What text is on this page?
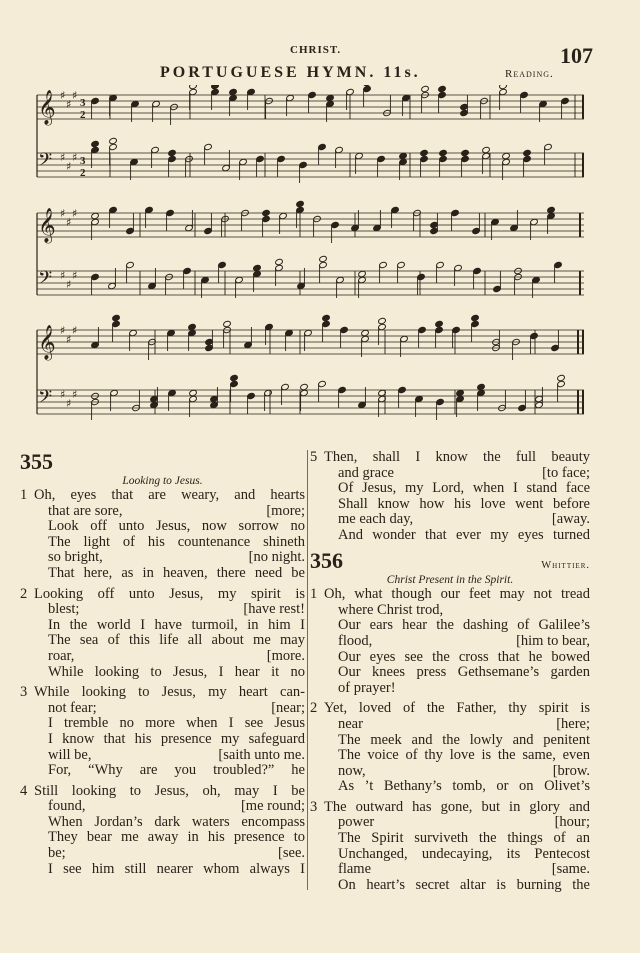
CHRIST.	107
PORTUGUESE HYMN. 11s.	Reading.
𝄞 ♯
♯
♯
3
2
𝄢 ♯
♯
♯ 3
2
𝄞 ♯
♯
♯
𝄢 ♯
♯
♯
𝄞 ♯
♯
♯
𝄢 ♯
♯
♯
355
Looking to Jesus.
1 Oh, eyes that are weary, and hearts
that are sore,	[more;
Look off unto Jesus, now sorrow no
The light of his countenance shineth
so bright,	[no night.
That here, as in heaven, there need be
2 Looking off unto Jesus, my spirit is
blest;	[have rest!
In the world I have turmoil, in him I
The sea of this life all about me may
roar,	[more.
While looking to Jesus, I hear it no
3 While looking to Jesus, my heart can-
not fear;	[near;
I tremble no more when I see Jesus
I know that his presence my safeguard
will be,	[saith unto me.
For, “Why are you troubled?” he
4 Still looking to Jesus, oh, may I be
found,	[me round;
When Jordan’s dark waters encompass
They bear me away in his presence to
be;	[see.
I see him still nearer whom always I
5 Then, shall I know the full beauty
and grace	[to face;
Of Jesus, my Lord, when I stand face
Shall know how his love went before
me each day,	[away.
And wonder that ever my eyes turned
356	Whittier.
Christ Present in the Spirit.
1 Oh, what though our feet may not tread
where Christ trod,
Our ears hear the dashing of Galilee’s
flood,	[him to bear,
Our eyes see the cross that he bowed
Our knees press Gethsemane’s garden
of prayer!
2 Yet, loved of the Father, thy spirit is
near	[here;
The meek and the lowly and penitent
The voice of thy love is the same, even
now,	[brow.
As ’t Bethany’s tomb, or on Olivet’s
3 The outward has gone, but in glory and
power	[hour;
The Spirit surviveth the things of an
Unchanged, undecaying, its Pentecost
flame	[same.
On heart’s secret altar is burning the
